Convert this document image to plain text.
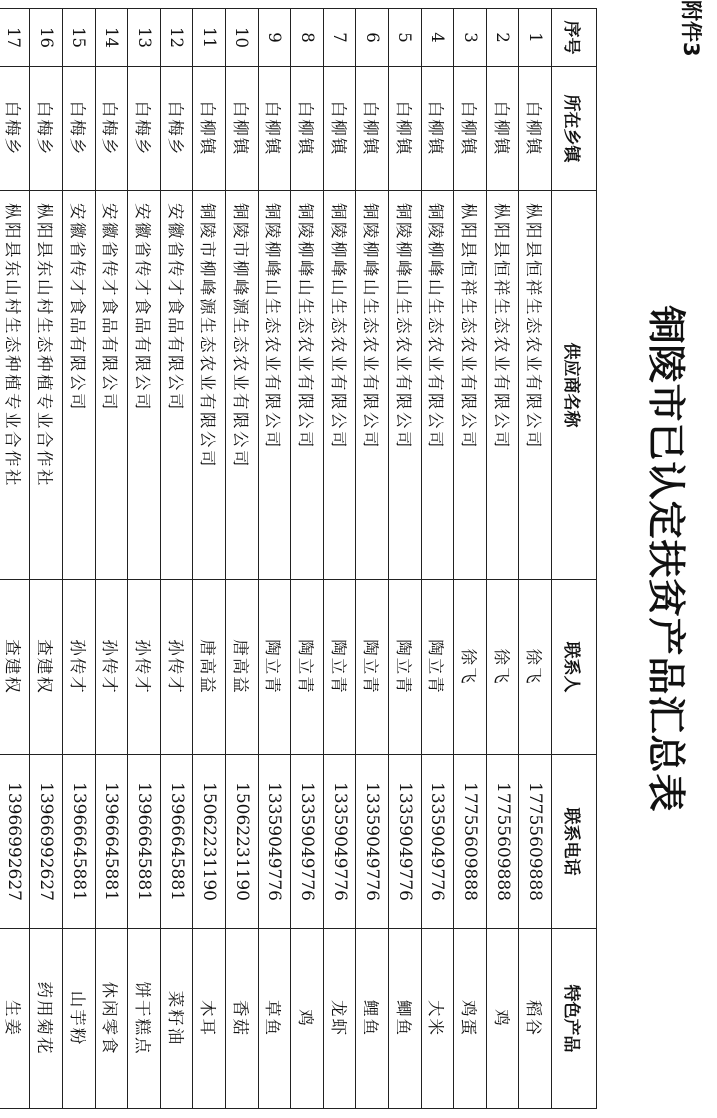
附件3
铜陵市已认定扶贫产品汇总表
序号	所在乡镇	供应商名称	联系人	联系电话	特色产品
1	白柳镇	枞阳县恒祥生态农业有限公司	徐飞	17755609888	稻谷
2	白柳镇	枞阳县恒祥生态农业有限公司	徐飞	17755609888	鸡
3	白柳镇	枞阳县恒祥生态农业有限公司	徐飞	17755609888	鸡蛋
4	白柳镇	铜陵柳峰山生态农业有限公司	陶立青	13359049776	大米
5	白柳镇	铜陵柳峰山生态农业有限公司	陶立青	13359049776	鲫鱼
6	白柳镇	铜陵柳峰山生态农业有限公司	陶立青	13359049776	鲤鱼
7	白柳镇	铜陵柳峰山生态农业有限公司	陶立青	13359049776	龙虾
8	白柳镇	铜陵柳峰山生态农业有限公司	陶立青	13359049776	鸡
9	白柳镇	铜陵柳峰山生态农业有限公司	陶立青	13359049776	草鱼
10	白柳镇	铜陵市柳峰源生态农业有限公司	唐高益	15062231190	香菇
11	白柳镇	铜陵市柳峰源生态农业有限公司	唐高益	15062231190	木耳
12	白梅乡	安徽省传才食品有限公司	孙传才	13966645881	菜籽油
13	白梅乡	安徽省传才食品有限公司	孙传才	13966645881	饼干糕点
14	白梅乡	安徽省传才食品有限公司	孙传才	13966645881	休闲零食
15	白梅乡	安徽省传才食品有限公司	孙传才	13966645881	山芋粉
16	白梅乡	枞阳县东山村生态种植专业合作社	查建权	13966992627	药用菊花
17	白梅乡	枞阳县东山村生态种植专业合作社	查建权	13966992627	生姜
